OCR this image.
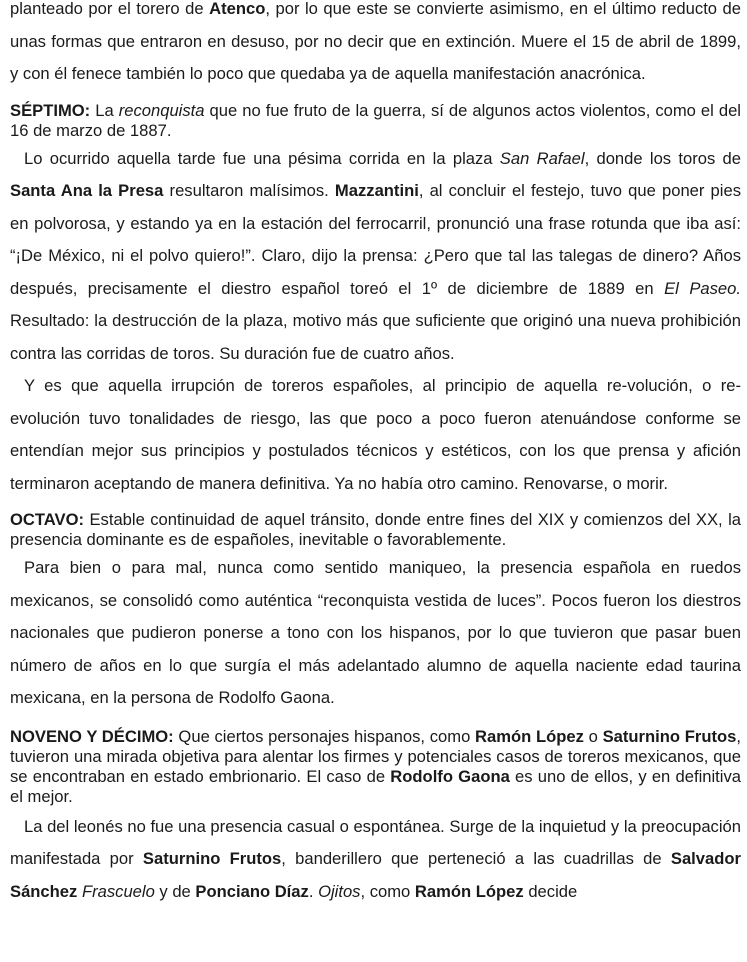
planteado por el torero de Atenco, por lo que este se convierte asimismo, en el último reducto de unas formas que entraron en desuso, por no decir que en extinción. Muere el 15 de abril de 1899, y con él fenece también lo poco que quedaba ya de aquella manifestación anacrónica.

SÉPTIMO: La reconquista que no fue fruto de la guerra, sí de algunos actos violentos, como el del 16 de marzo de 1887.

Lo ocurrido aquella tarde fue una pésima corrida en la plaza San Rafael, donde los toros de Santa Ana la Presa resultaron malísimos. Mazzantini, al concluir el festejo, tuvo que poner pies en polvorosa, y estando ya en la estación del ferrocarril, pronunció una frase rotunda que iba así: “¡De México, ni el polvo quiero!”. Claro, dijo la prensa: ¿Pero que tal las talegas de dinero? Años después, precisamente el diestro español toreó el 1º de diciembre de 1889 en El Paseo. Resultado: la destrucción de la plaza, motivo más que suficiente que originó una nueva prohibición contra las corridas de toros. Su duración fue de cuatro años.

Y es que aquella irrupción de toreros españoles, al principio de aquella re-volución, o re-evolución tuvo tonalidades de riesgo, las que poco a poco fueron atenuándose conforme se entendían mejor sus principios y postulados técnicos y estéticos, con los que prensa y afición terminaron aceptando de manera definitiva. Ya no había otro camino. Renovarse, o morir.

OCTAVO: Estable continuidad de aquel tránsito, donde entre fines del XIX y comienzos del XX, la presencia dominante es de españoles, inevitable o favorablemente.

Para bien o para mal, nunca como sentido maniqueo, la presencia española en ruedos mexicanos, se consolidó como auténtica “reconquista vestida de luces”. Pocos fueron los diestros nacionales que pudieron ponerse a tono con los hispanos, por lo que tuvieron que pasar buen número de años en lo que surgía el más adelantado alumno de aquella naciente edad taurina mexicana, en la persona de Rodolfo Gaona.

NOVENO Y DÉCIMO: Que ciertos personajes hispanos, como Ramón López o Saturnino Frutos, tuvieron una mirada objetiva para alentar los firmes y potenciales casos de toreros mexicanos, que se encontraban en estado embrionario. El caso de Rodolfo Gaona es uno de ellos, y en definitiva el mejor.

La del leonés no fue una presencia casual o espontánea. Surge de la inquietud y la preocupación manifestada por Saturnino Frutos, banderillero que perteneció a las cuadrillas de Salvador Sánchez Frascuelo y de Ponciano Díaz. Ojitos, como Ramón López decide
